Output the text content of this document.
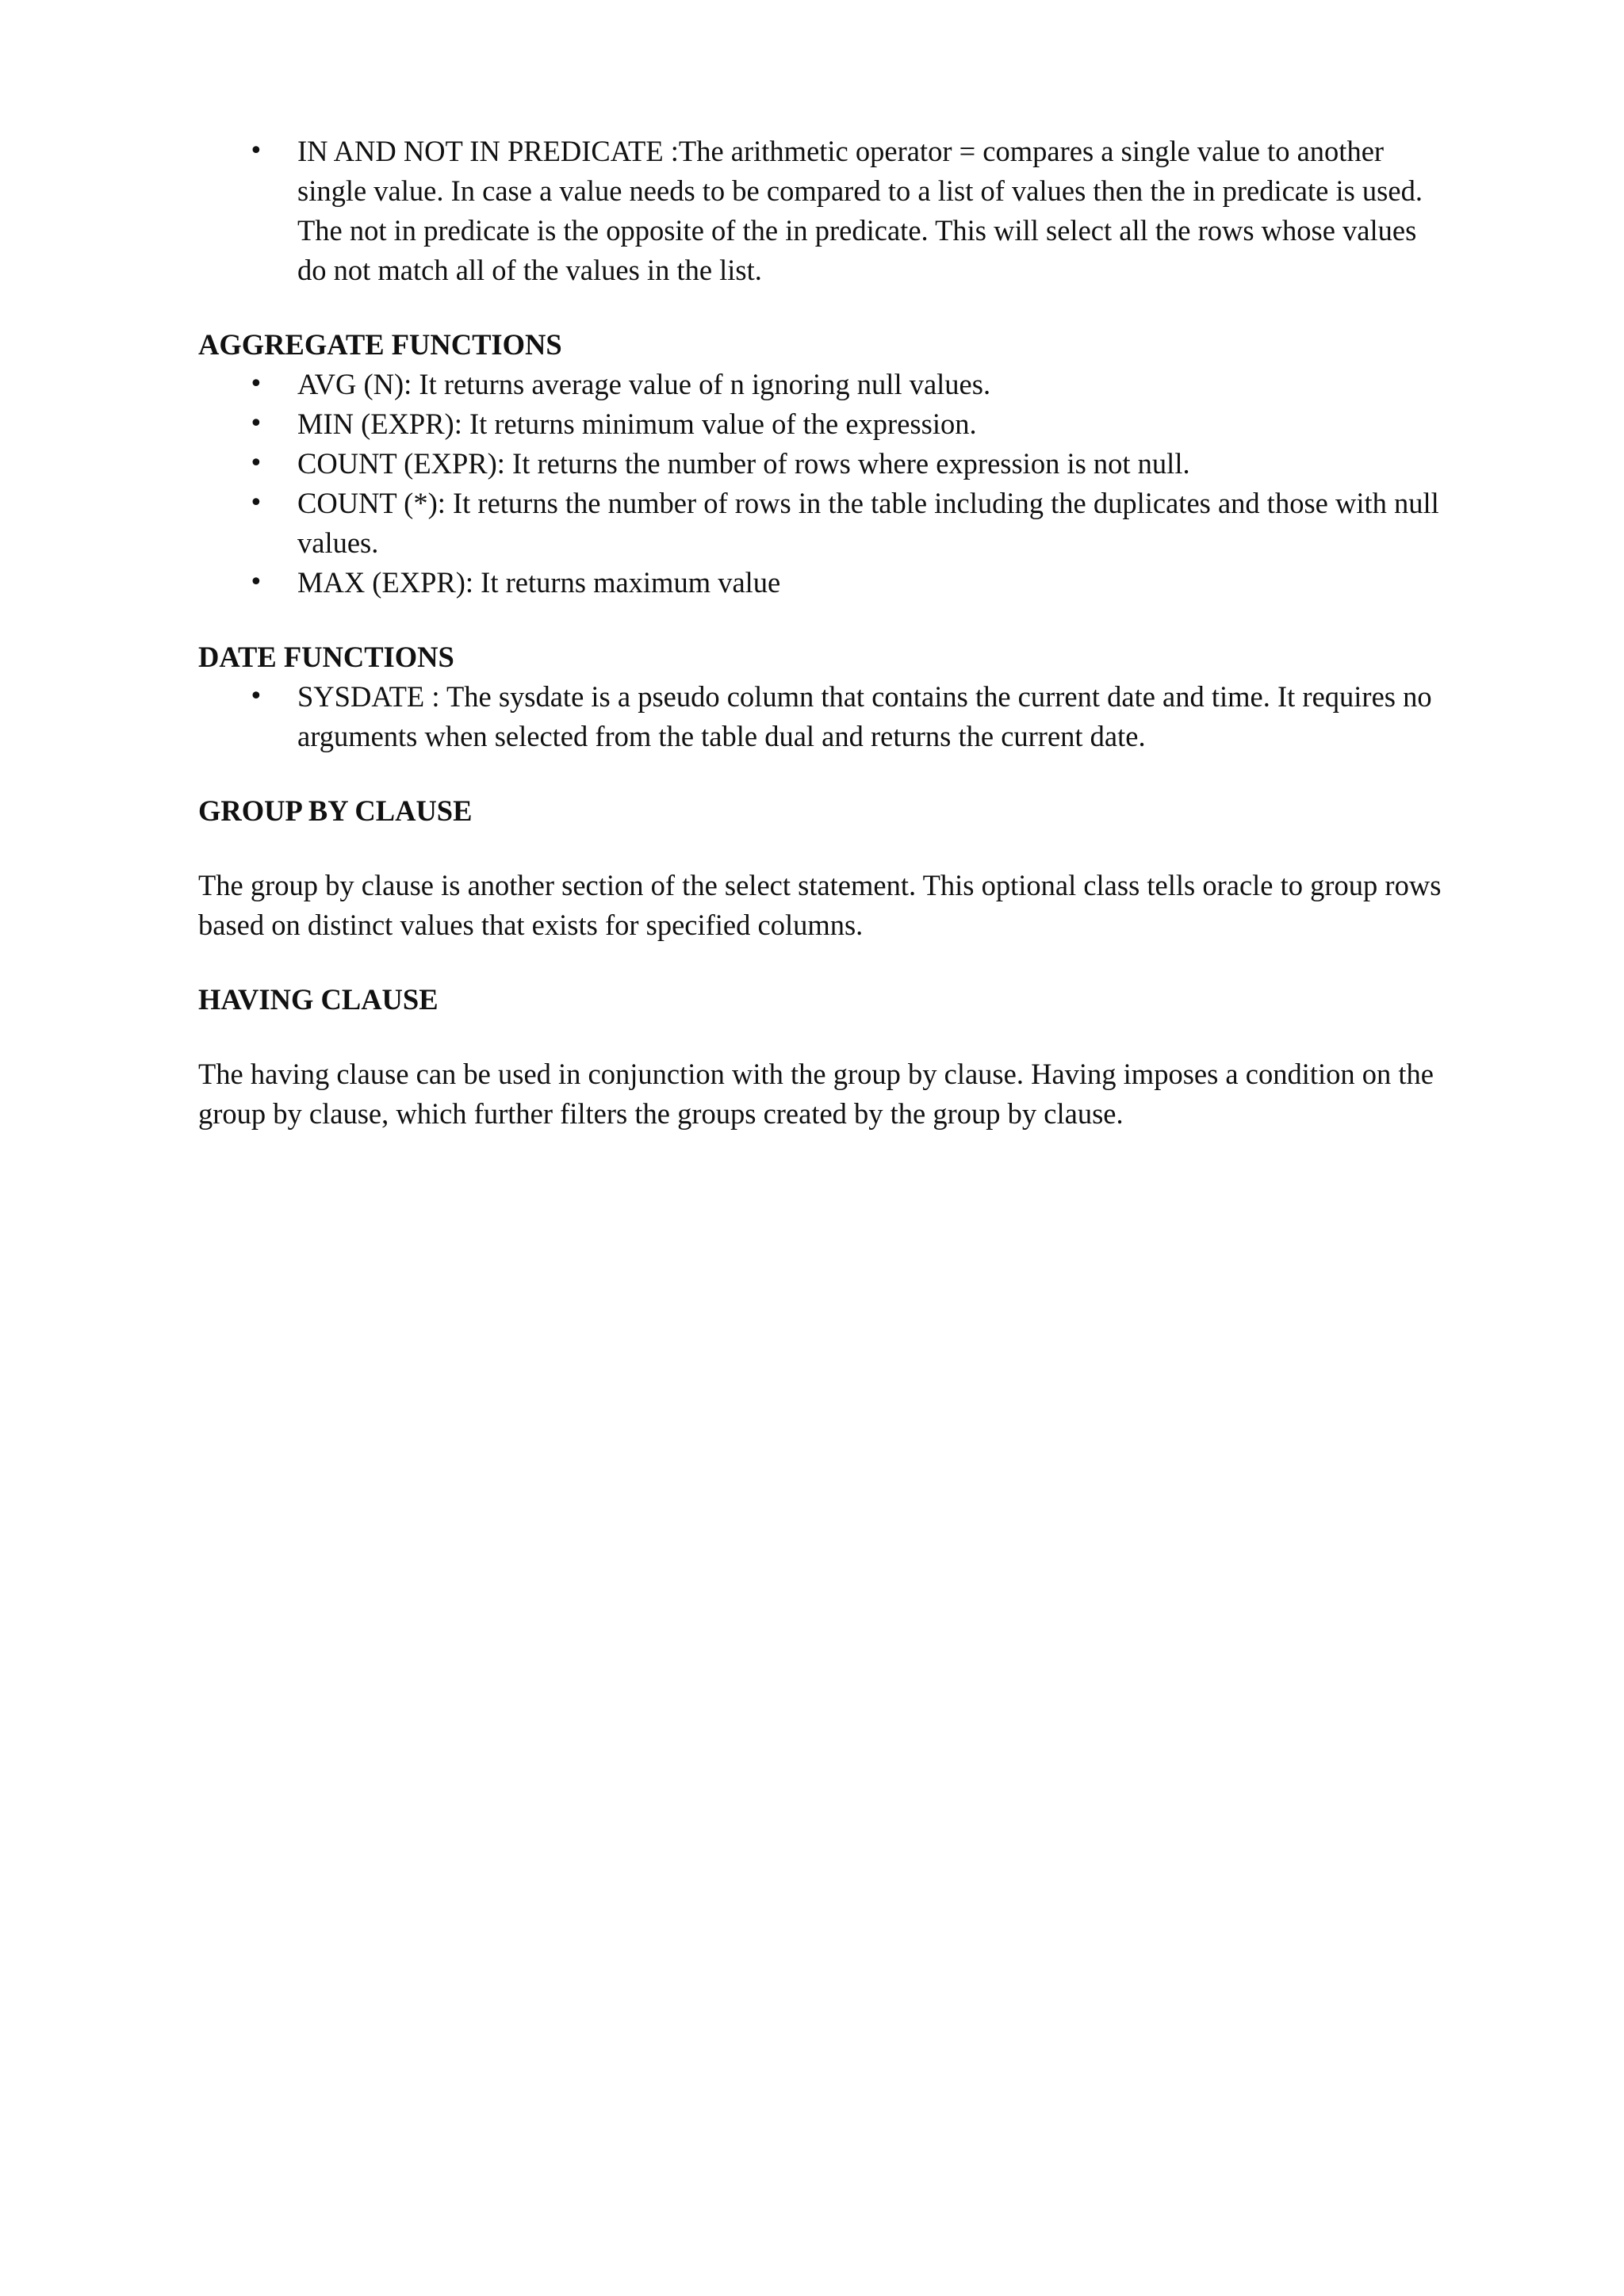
• IN AND NOT IN PREDICATE :The arithmetic operator = compares a single value to another single value. In case a value needs to be compared to a list of values then the in predicate is used. The not in predicate is the opposite of the in predicate. This will select all the rows whose values do not match all of the values in the list.

AGGREGATE FUNCTIONS

• AVG (N): It returns average value of n ignoring null values.
• MIN (EXPR): It returns minimum value of the expression.
• COUNT (EXPR): It returns the number of rows where expression is not null.
• COUNT (*): It returns the number of rows in the table including the duplicates and those with null values.
• MAX (EXPR): It returns maximum value

DATE FUNCTIONS

• SYSDATE : The sysdate is a pseudo column that contains the current date and time. It requires no arguments when selected from the table dual and returns the current date.

GROUP BY CLAUSE

The group by clause is another section of the select statement. This optional class tells oracle to group rows based on distinct values that exists for specified columns.

HAVING CLAUSE

The having clause can be used in conjunction with the group by clause. Having imposes a condition on the group by clause, which further filters the groups created by the group by clause.
